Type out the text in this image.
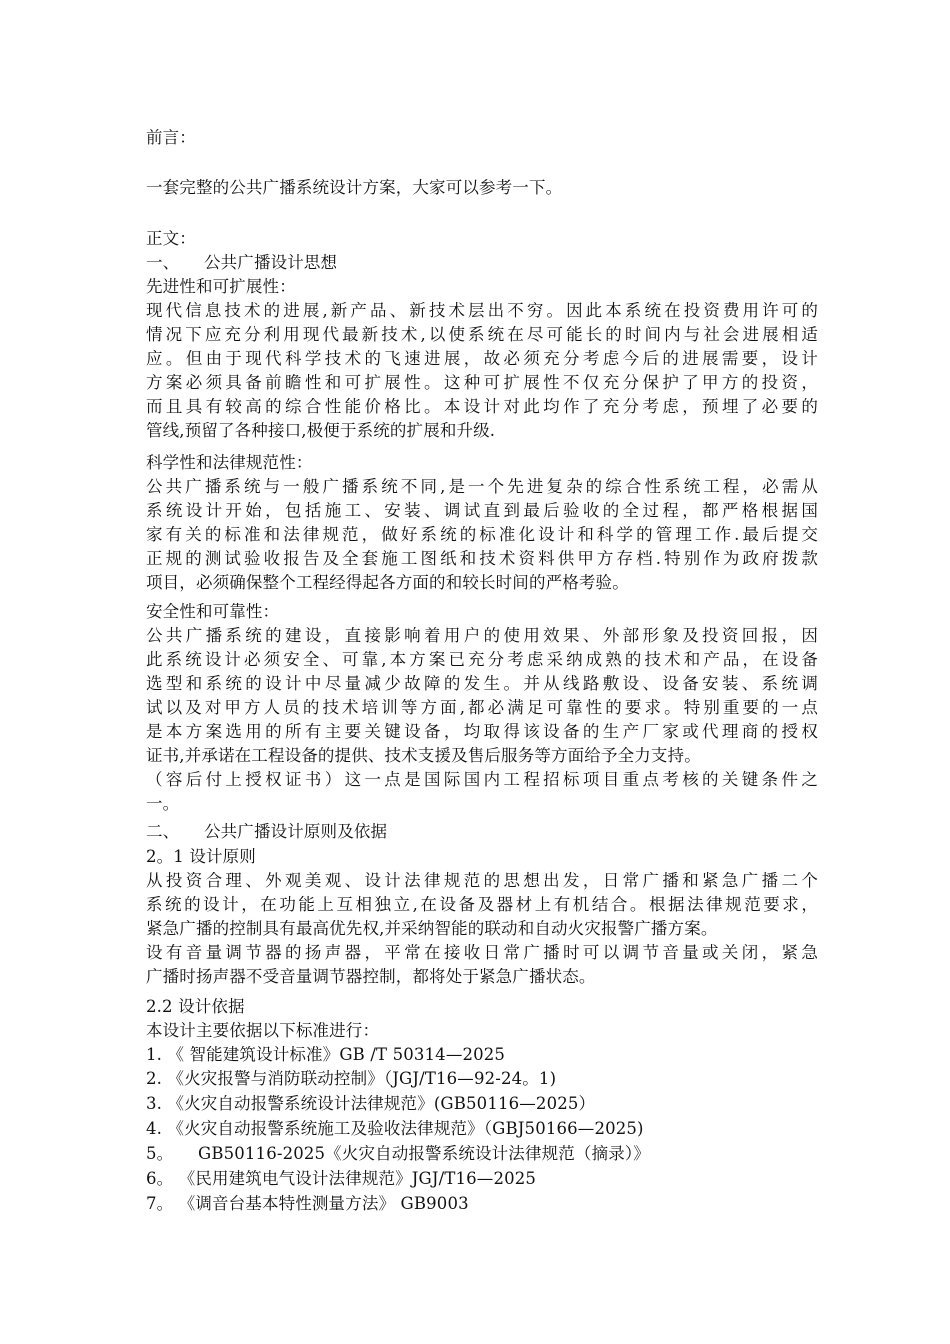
前言：
一套完整的公共广播系统设计方案，大家可以参考一下。
正文：
一、 公共广播设计思想
先进性和可扩展性：
现代信息技术的进展,新产品、新技术层出不穷。因此本系统在投资费用许可的
情况下应充分利用现代最新技术,以使系统在尽可能长的时间内与社会进展相适
应。但由于现代科学技术的飞速进展，故必须充分考虑今后的进展需要，设计
方案必须具备前瞻性和可扩展性。这种可扩展性不仅充分保护了甲方的投资，
而且具有较高的综合性能价格比。本设计对此均作了充分考虑，预埋了必要的
管线,预留了各种接口,极便于系统的扩展和升级.
科学性和法律规范性：
公共广播系统与一般广播系统不同,是一个先进复杂的综合性系统工程，必需从
系统设计开始，包括施工、安装、调试直到最后验收的全过程，都严格根据国
家有关的标准和法律规范，做好系统的标准化设计和科学的管理工作.最后提交
正规的测试验收报告及全套施工图纸和技术资料供甲方存档.特别作为政府拨款
项目，必须确保整个工程经得起各方面的和较长时间的严格考验。
安全性和可靠性：
公共广播系统的建设，直接影响着用户的使用效果、外部形象及投资回报，因
此系统设计必须安全、可靠,本方案已充分考虑采纳成熟的技术和产品，在设备
选型和系统的设计中尽量减少故障的发生。并从线路敷设、设备安装、系统调
试以及对甲方人员的技术培训等方面,都必满足可靠性的要求。特别重要的一点
是本方案选用的所有主要关键设备，均取得该设备的生产厂家或代理商的授权
证书,并承诺在工程设备的提供、技术支援及售后服务等方面给予全力支持。
（容后付上授权证书）这一点是国际国内工程招标项目重点考核的关键条件之
一。
二、 公共广播设计原则及依据
2。1 设计原则
从投资合理、外观美观、设计法律规范的思想出发，日常广播和紧急广播二个
系统的设计，在功能上互相独立,在设备及器材上有机结合。根据法律规范要求，
紧急广播的控制具有最高优先权,并采纳智能的联动和自动火灾报警广播方案。
设有音量调节器的扬声器，平常在接收日常广播时可以调节音量或关闭，紧急
广播时扬声器不受音量调节器控制，都将处于紧急广播状态。
2.2 设计依据
本设计主要依据以下标准进行：
1. 《 智能建筑设计标准》GB /T 50314—2025
2. 《火灾报警与消防联动控制》（JGJ/T16—92-24。1)
3. 《火灾自动报警系统设计法律规范》(GB50116—2025）
4. 《火灾自动报警系统施工及验收法律规范》（GBJ50166—2025)
5。 GB50116-2025《火灾自动报警系统设计法律规范（摘录）》
6。 《民用建筑电气设计法律规范》JGJ/T16—2025
7。 《调音台基本特性测量方法》 GB9003
